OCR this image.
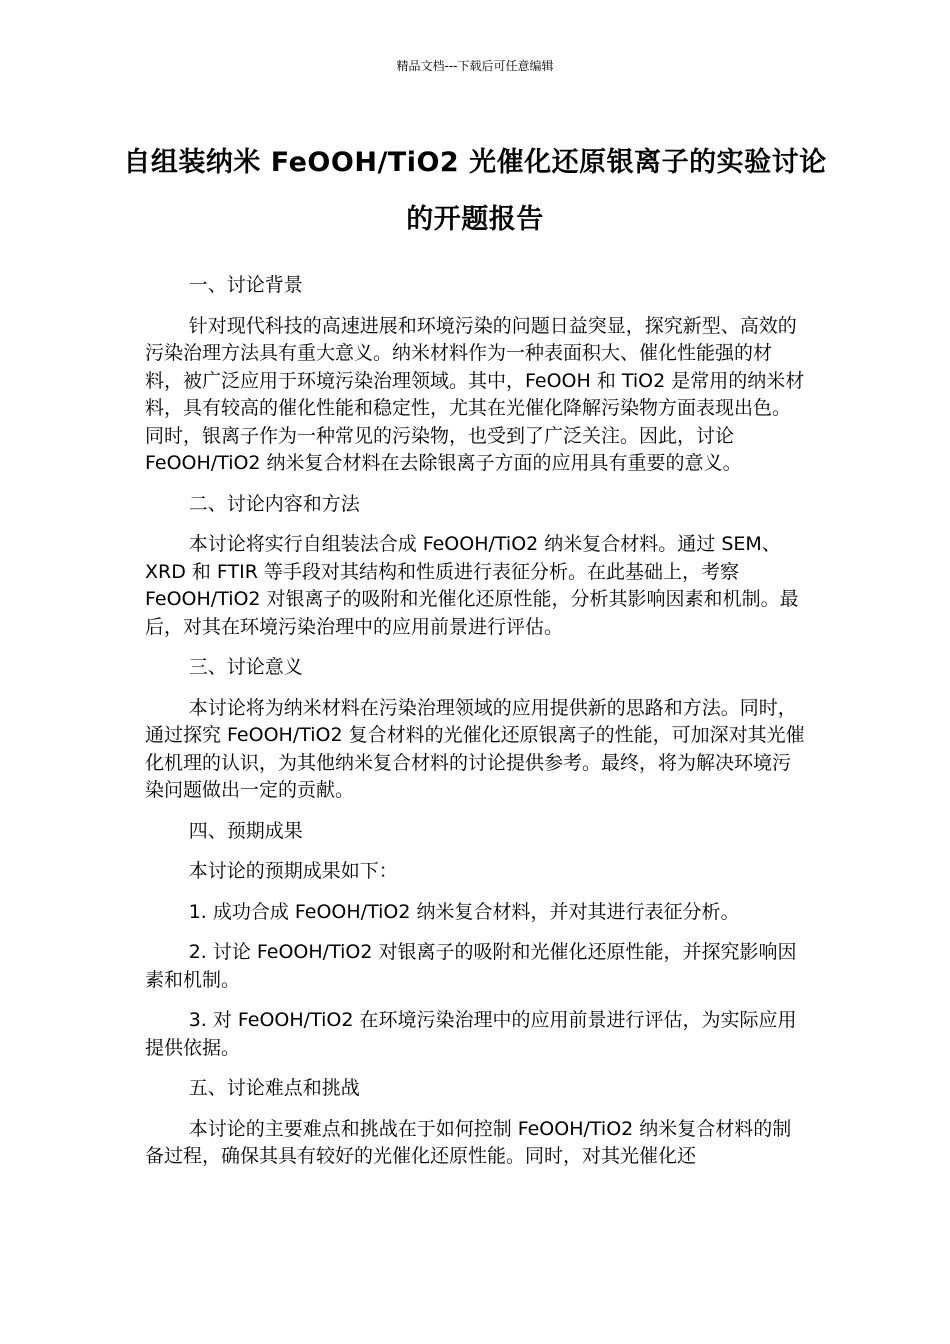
精品文档---下载后可任意编辑
自组装纳米 FeOOH/TiO2 光催化还原银离子的实验讨论的开题报告

一、讨论背景

针对现代科技的高速进展和环境污染的问题日益突显，探究新型、高效的污染治理方法具有重大意义。纳米材料作为一种表面积大、催化性能强的材料，被广泛应用于环境污染治理领域。其中，FeOOH 和 TiO2 是常用的纳米材料，具有较高的催化性能和稳定性，尤其在光催化降解污染物方面表现出色。同时，银离子作为一种常见的污染物，也受到了广泛关注。因此，讨论 FeOOH/TiO2 纳米复合材料在去除银离子方面的应用具有重要的意义。

二、讨论内容和方法

本讨论将实行自组装法合成 FeOOH/TiO2 纳米复合材料。通过 SEM、XRD 和 FTIR 等手段对其结构和性质进行表征分析。在此基础上，考察 FeOOH/TiO2 对银离子的吸附和光催化还原性能，分析其影响因素和机制。最后，对其在环境污染治理中的应用前景进行评估。

三、讨论意义

本讨论将为纳米材料在污染治理领域的应用提供新的思路和方法。同时，通过探究 FeOOH/TiO2 复合材料的光催化还原银离子的性能，可加深对其光催化机理的认识，为其他纳米复合材料的讨论提供参考。最终，将为解决环境污染问题做出一定的贡献。

四、预期成果

本讨论的预期成果如下：

1. 成功合成 FeOOH/TiO2 纳米复合材料，并对其进行表征分析。

2. 讨论 FeOOH/TiO2 对银离子的吸附和光催化还原性能，并探究影响因素和机制。

3. 对 FeOOH/TiO2 在环境污染治理中的应用前景进行评估，为实际应用提供依据。

五、讨论难点和挑战

本讨论的主要难点和挑战在于如何控制 FeOOH/TiO2 纳米复合材料的制备过程，确保其具有较好的光催化还原性能。同时，对其光催化还
